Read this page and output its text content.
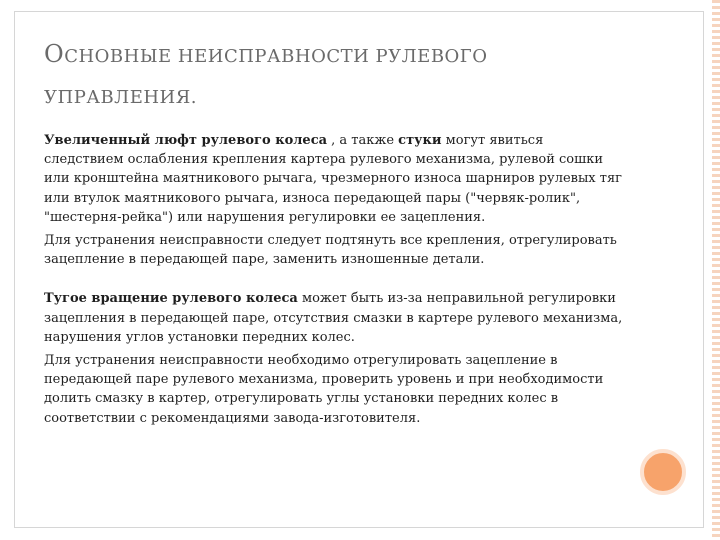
ОСНОВНЫЕ НЕИСПРАВНОСТИ РУЛЕВОГО УПРАВЛЕНИЯ.

Увеличенный люфт рулевого колеса , а также стуки могут явиться следствием ослабления крепления картера рулевого механизма, рулевой сошки или кронштейна маятникового рычага, чрезмерного износа шарниров рулевых тяг или втулок маятникового рычага, износа передающей пары ("червяк-ролик", "шестерня-рейка") или нарушения регулировки ее зацепления.

Для устранения неисправности следует подтянуть все крепления, отрегулировать зацепление в передающей паре, заменить изношенные детали.

Тугое вращение рулевого колеса может быть из-за неправильной регулировки зацепления в передающей паре, отсутствия смазки в картере рулевого механизма, нарушения углов установки передних колес.

Для устранения неисправности необходимо отрегулировать зацепление в передающей паре рулевого механизма, проверить уровень и при необходимости долить смазку в картер, отрегулировать углы установки передних колес в соответствии с рекомендациями завода-изготовителя.
